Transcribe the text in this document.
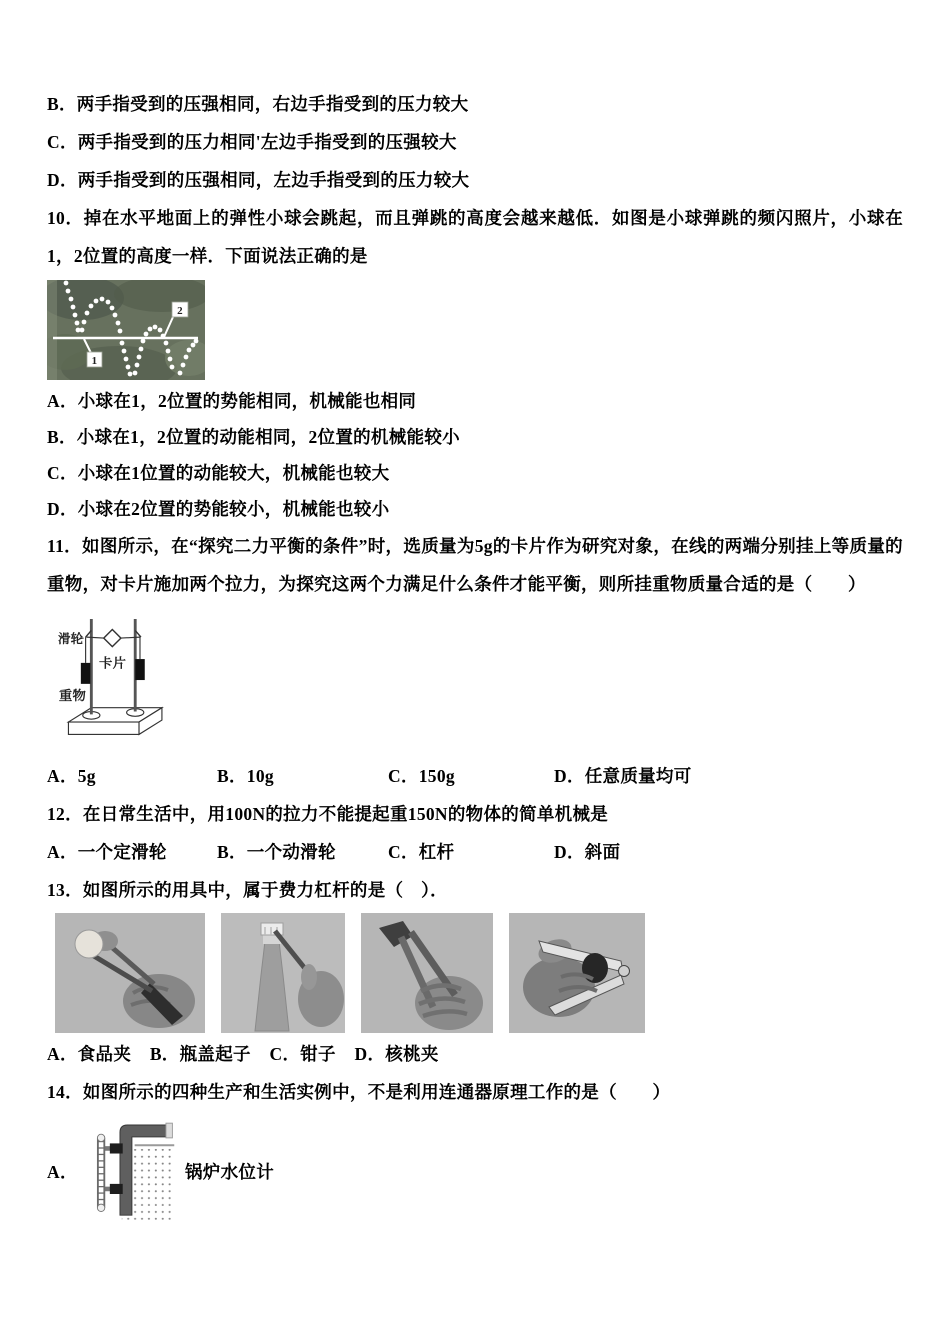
B．两手指受到的压强相同，右边手指受到的压力较大

C．两手指受到的压力相同'左边手指受到的压强较大

D．两手指受到的压强相同，左边手指受到的压力较大

10．掉在水平地面上的弹性小球会跳起，而且弹跳的高度会越来越低．如图是小球弹跳的频闪照片，小球在1，2位置的高度一样．下面说法正确的是

1
2

A．小球在1，2位置的势能相同，机械能也相同

B．小球在1，2位置的动能相同，2位置的机械能较小

C．小球在1位置的动能较大，机械能也较大

D．小球在2位置的势能较小，机械能也较小

11．如图所示，在“探究二力平衡的条件”时，选质量为5g的卡片作为研究对象，在线的两端分别挂上等质量的重物，对卡片施加两个拉力，为探究这两个力满足什么条件才能平衡，则所挂重物质量合适的是（　　）

滑轮
卡片
重物
A．5g	B．10g	C．150g	D．任意质量均可

12．在日常生活中，用100N的拉力不能提起重150N的物体的简单机械是

A．一个定滑轮	B．一个动滑轮	C．杠杆	D．斜面

13．如图所示的用具中，属于费力杠杆的是（　）．

A．食品夹 B．瓶盖起子 C．钳子 D．核桃夹

14．如图所示的四种生产和生活实例中，不是利用连通器原理工作的是（　　）

A．	锅炉水位计
